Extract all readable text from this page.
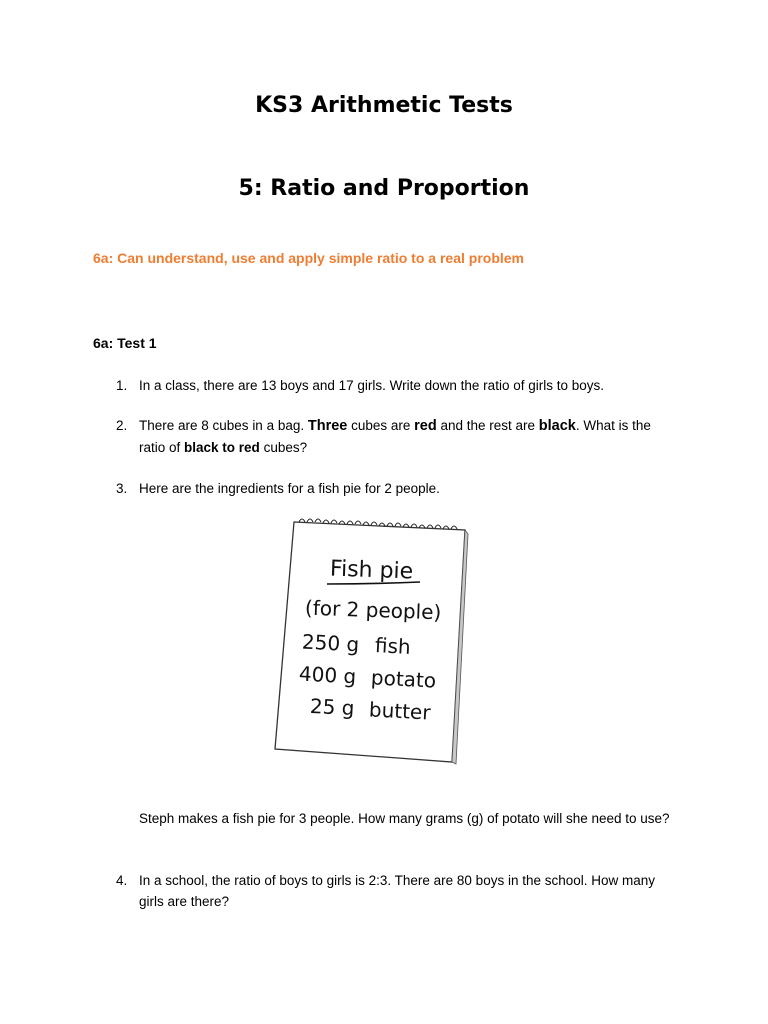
KS3 Arithmetic Tests
5: Ratio and Proportion
6a: Can understand, use and apply simple ratio to a real problem
6a: Test 1
1. In a class, there are 13 boys and 17 girls. Write down the ratio of girls to boys.
2. There are 8 cubes in a bag. Three cubes are red and the rest are black. What is the ratio of black to red cubes?
3. Here are the ingredients for a fish pie for 2 people.
Fish pie
(for 2 people)
250 g fish
400 g potato
25 g butter
Steph makes a fish pie for 3 people. How many grams (g) of potato will she need to use?
4. In a school, the ratio of boys to girls is 2:3. There are 80 boys in the school. How many girls are there?
